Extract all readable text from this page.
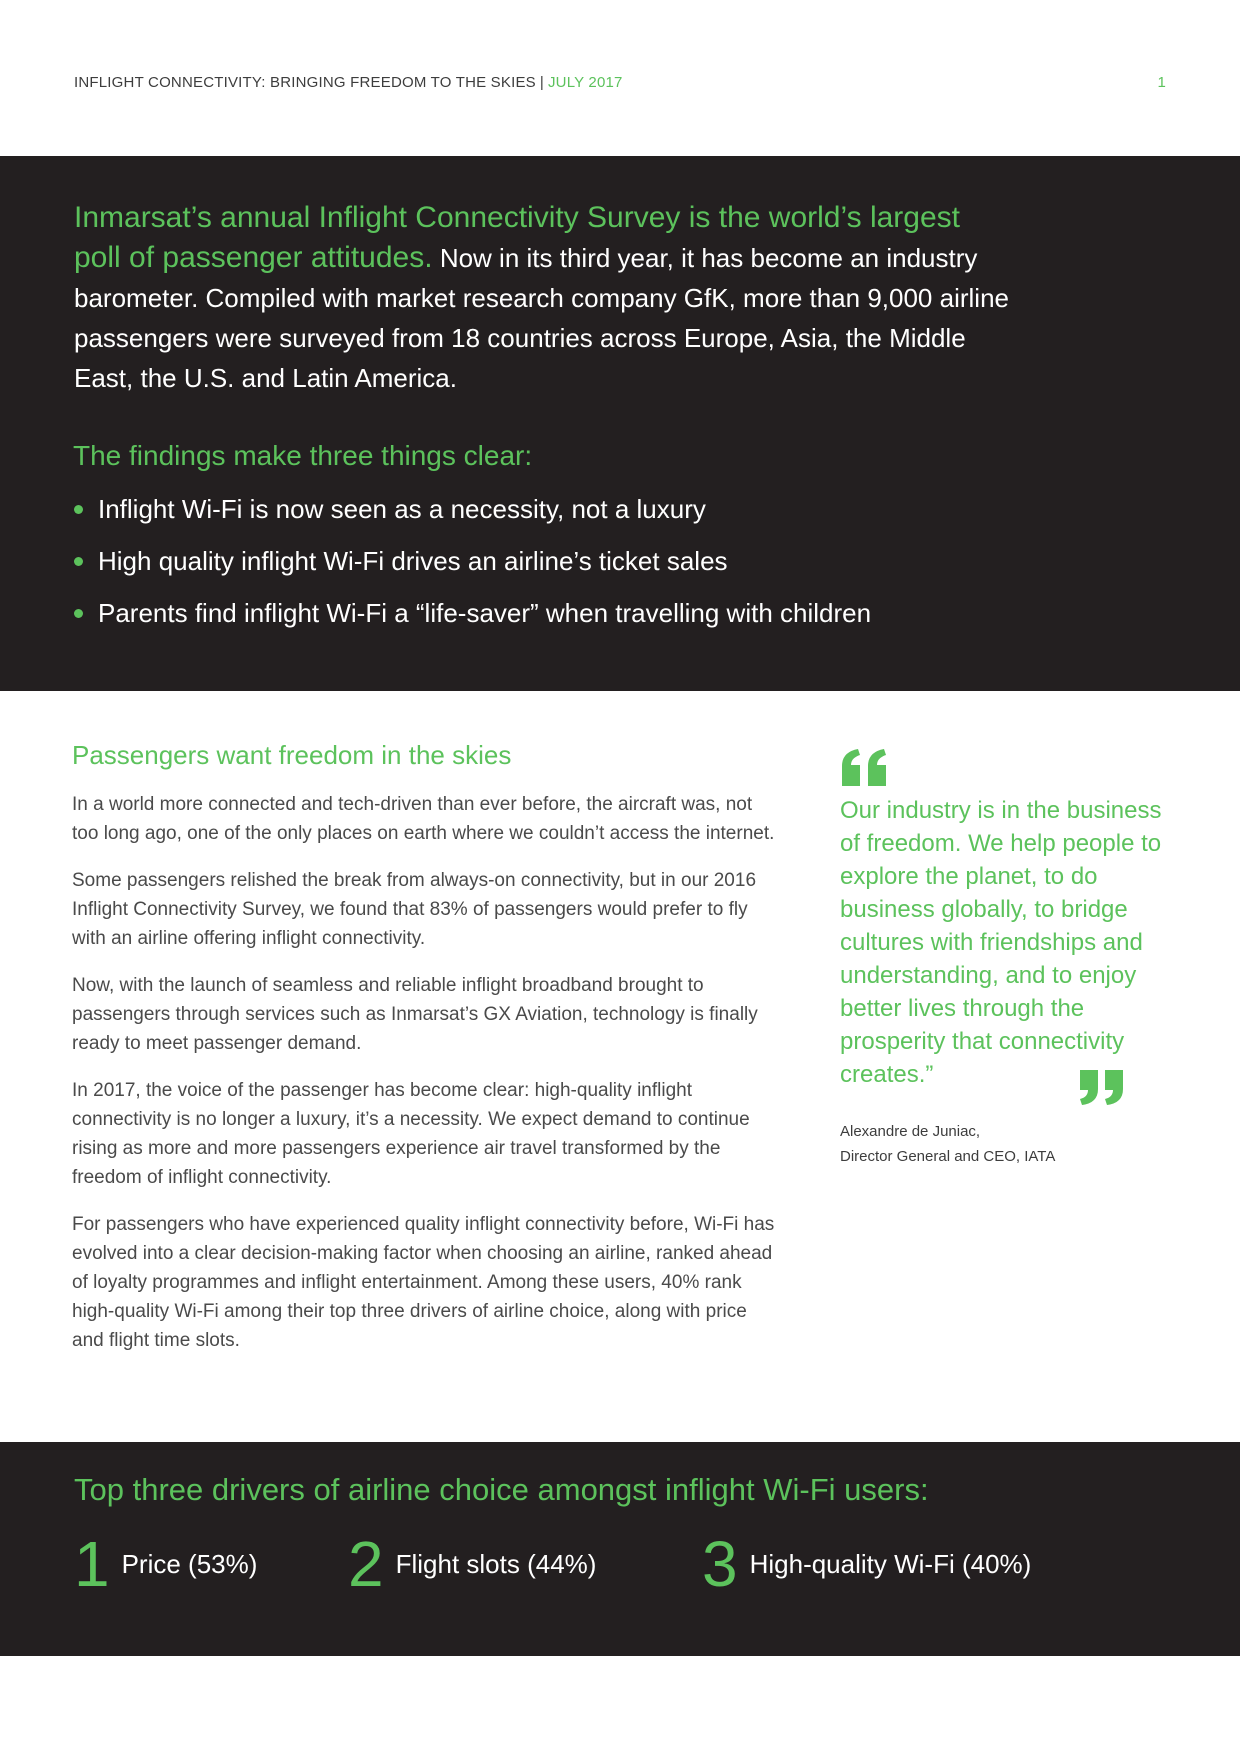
INFLIGHT CONNECTIVITY: BRINGING FREEDOM TO THE SKIES | JULY 2017	1
Inmarsat’s annual Inflight Connectivity Survey is the world’s largest poll of passenger attitudes. Now in its third year, it has become an industry barometer. Compiled with market research company GfK, more than 9,000 airline passengers were surveyed from 18 countries across Europe, Asia, the Middle East, the U.S. and Latin America.
The findings make three things clear:
Inflight Wi-Fi is now seen as a necessity, not a luxury
High quality inflight Wi-Fi drives an airline’s ticket sales
Parents find inflight Wi-Fi a “life-saver” when travelling with children
Passengers want freedom in the skies

In a world more connected and tech-driven than ever before, the aircraft was, not too long ago, one of the only places on earth where we couldn’t access the internet.

Some passengers relished the break from always-on connectivity, but in our 2016 Inflight Connectivity Survey, we found that 83% of passengers would prefer to fly with an airline offering inflight connectivity.

Now, with the launch of seamless and reliable inflight broadband brought to passengers through services such as Inmarsat’s GX Aviation, technology is finally ready to meet passenger demand.

In 2017, the voice of the passenger has become clear: high-quality inflight connectivity is no longer a luxury, it’s a necessity. We expect demand to continue rising as more and more passengers experience air travel transformed by the freedom of inflight connectivity.

For passengers who have experienced quality inflight connectivity before, Wi-Fi has evolved into a clear decision-making factor when choosing an airline, ranked ahead of loyalty programmes and inflight entertainment. Among these users, 40% rank high-quality Wi-Fi among their top three drivers of airline choice, along with price and flight time slots.

Our industry is in the business of freedom. We help people to explore the planet, to do business globally, to bridge cultures with friendships and understanding, and to enjoy better lives through the prosperity that connectivity creates.”
Alexandre de Juniac,
Director General and CEO, IATA
Top three drivers of airline choice amongst inflight Wi-Fi users:
1 Price (53%) 2 Flight slots (44%) 3 High-quality Wi-Fi (40%)
